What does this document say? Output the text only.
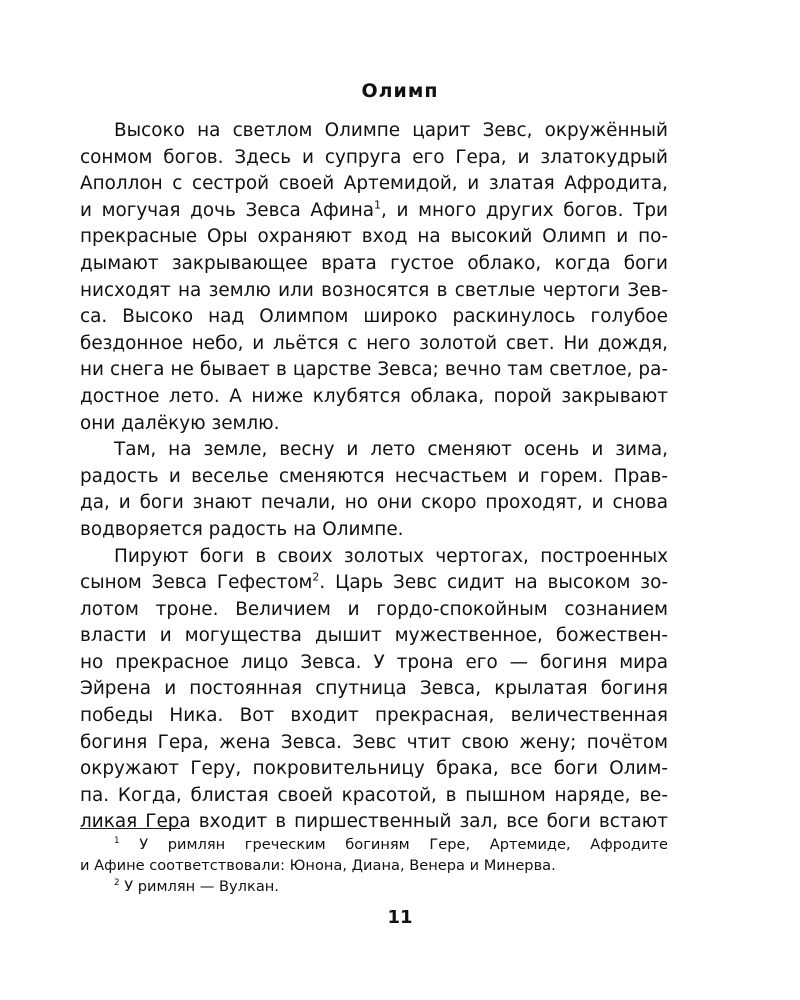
Олимп
Высоко на светлом Олимпе царит Зевс, окружённый
сонмом богов. Здесь и супруга его Гера, и златокудрый
Аполлон с сестрой своей Артемидой, и златая Афродита,
и могучая дочь Зевса Афина$^1$, и много других богов. Три
прекрасные Оры охраняют вход на высокий Олимп и по-
дымают закрывающее врата густое облако, когда боги
нисходят на землю или возносятся в светлые чертоги Зев-
са. Высоко над Олимпом широко раскинулось голубое
бездонное небо, и льётся с него золотой свет. Ни дождя,
ни снега не бывает в царстве Зевса; вечно там светлое, ра-
достное лето. А ниже клубятся облака, порой закрывают
они далёкую землю.
Там, на земле, весну и лето сменяют осень и зима,
радость и веселье сменяются несчастьем и горем. Прав-
да, и боги знают печали, но они скоро проходят, и снова
водворяется радость на Олимпе.
Пируют боги в своих золотых чертогах, построенных
сыном Зевса Гефестом$^2$. Царь Зевс сидит на высоком зо-
лотом троне. Величием и гордо-спокойным сознанием
власти и могущества дышит мужественное, божествен-
но прекрасное лицо Зевса. У трона его — богиня мира
Эйрена и постоянная спутница Зевса, крылатая богиня
победы Ника. Вот входит прекрасная, величественная
богиня Гера, жена Зевса. Зевс чтит свою жену; почётом
окружают Геру, покровительницу брака, все боги Олим-
па. Когда, блистая своей красотой, в пышном наряде, ве-
ликая Гера входит в пиршественный зал, все боги встают
$^1$ У римлян греческим богиням Гере, Артемиде, Афродите
и Афине соответствовали: Юнона, Диана, Венера и Минерва.
$^2$ У римлян — Вулкан.
11
